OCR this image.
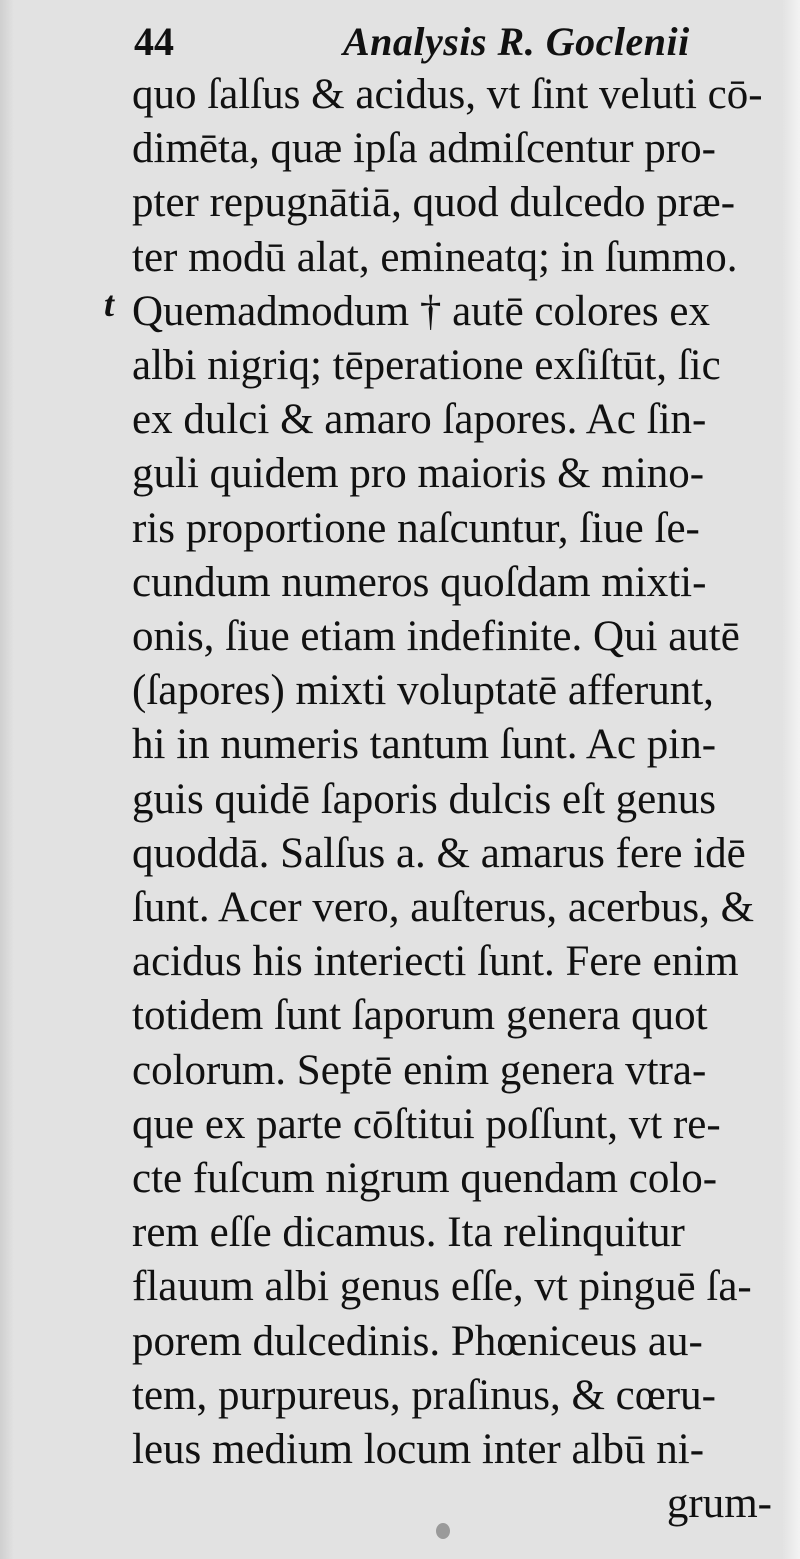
44	Analysis R. Goclenii
t
quo ſalſus & acidus, vt ſint veluti cō-
dimēta, quæ ipſa admiſcentur pro-
pter repugnātiā, quod dulcedo præ-
ter modū alat, emineatq; in ſummo.
Quemadmodum † autē colores ex
albi nigriq; tēperatione exſiſtūt, ſic
ex dulci & amaro ſapores. Ac ſin-
guli quidem pro maioris & mino-
ris proportione naſcuntur, ſiue ſe-
cundum numeros quoſdam mixti-
onis, ſiue etiam indefinite. Qui autē
(ſapores) mixti voluptatē afferunt,
hi in numeris tantum ſunt. Ac pin-
guis quidē ſaporis dulcis eſt genus
quoddā. Salſus a. & amarus fere idē
ſunt. Acer vero, auſterus, acerbus, &
acidus his interiecti ſunt. Fere enim
totidem ſunt ſaporum genera quot
colorum. Septē enim genera vtra-
que ex parte cōſtitui poſſunt, vt re-
cte fuſcum nigrum quendam colo-
rem eſſe dicamus. Ita relinquitur
flauum albi genus eſſe, vt pinguē ſa-
porem dulcedinis. Phœniceus au-
tem, purpureus, praſinus, & cœru-
leus medium locum inter albū ni-
grum-
